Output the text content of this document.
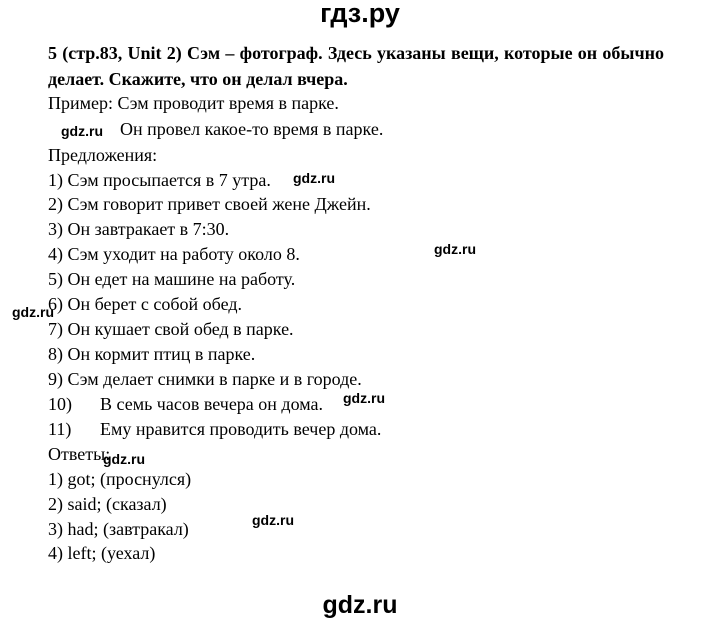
гдз.ру
5 (стр.83, Unit 2) Сэм – фотограф. Здесь указаны вещи, которые он обычно делает. Скажите, что он делал вчера.
Пример: Сэм проводит время в парке.
Он провел какое-то время в парке.
Предложения:
1) Сэм просыпается в 7 утра.
2) Сэм говорит привет своей жене Джейн.
3) Он завтракает в 7:30.
4) Сэм уходит на работу около 8.
5) Он едет на машине на работу.
6) Он берет с собой обед.
7) Он кушает свой обед в парке.
8) Он кормит птиц в парке.
9) Сэм делает снимки в парке и в городе.
10) В семь часов вечера он дома.
11) Ему нравится проводить вечер дома.
Ответы:
1) got; (проснулся)
2) said; (сказал)
3) had; (завтракал)
4) left; (уехал)
gdz.ru
gdz.ru
gdz.ru
gdz.ru
gdz.ru
gdz.ru
gdz.ru
gdz.ru
